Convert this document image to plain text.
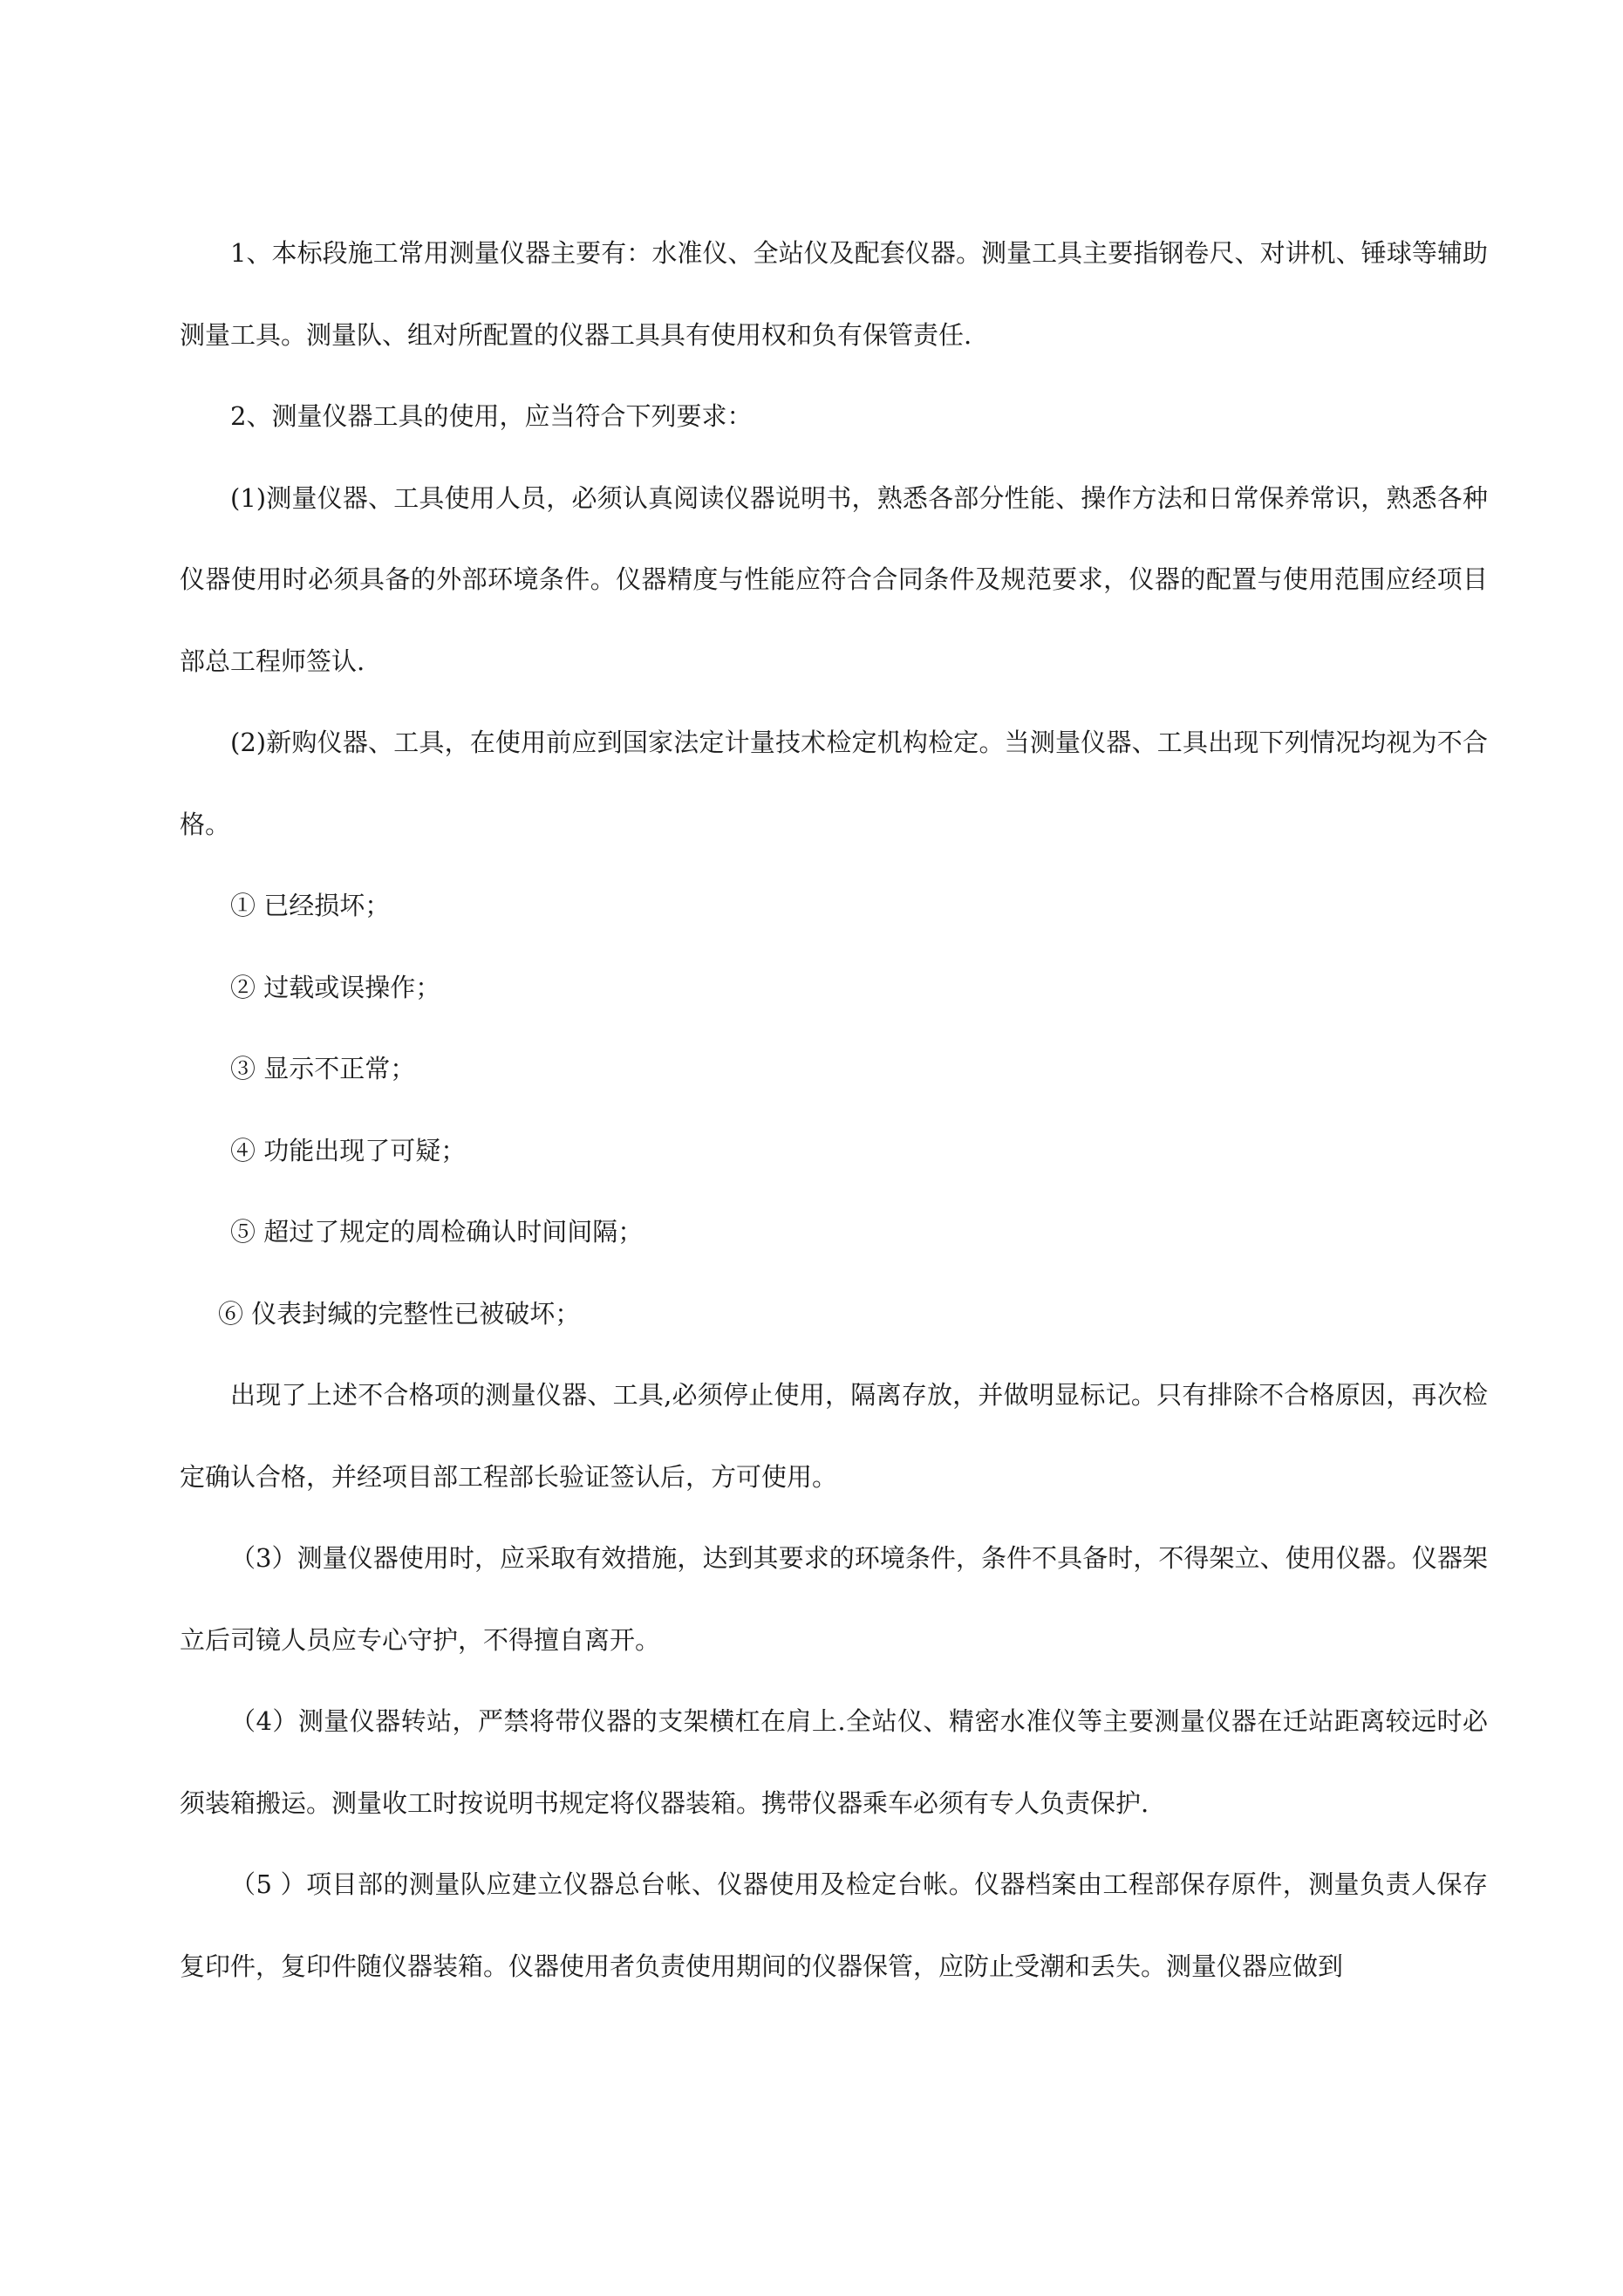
1、本标段施工常用测量仪器主要有：水准仪、全站仪及配套仪器。测量工具主要指钢卷尺、对讲机、锤球等辅助测量工具。测量队、组对所配置的仪器工具具有使用权和负有保管责任.

2、测量仪器工具的使用，应当符合下列要求：

(1)测量仪器、工具使用人员，必须认真阅读仪器说明书，熟悉各部分性能、操作方法和日常保养常识，熟悉各种仪器使用时必须具备的外部环境条件。仪器精度与性能应符合合同条件及规范要求，仪器的配置与使用范围应经项目部总工程师签认.

(2)新购仪器、工具，在使用前应到国家法定计量技术检定机构检定。当测量仪器、工具出现下列情况均视为不合格。

① 已经损坏；

② 过载或误操作；

③ 显示不正常；

④ 功能出现了可疑；

⑤ 超过了规定的周检确认时间间隔；

⑥ 仪表封缄的完整性已被破坏；

出现了上述不合格项的测量仪器、工具,必须停止使用，隔离存放，并做明显标记。只有排除不合格原因，再次检定确认合格，并经项目部工程部长验证签认后，方可使用。

（3）测量仪器使用时，应采取有效措施，达到其要求的环境条件，条件不具备时，不得架立、使用仪器。仪器架立后司镜人员应专心守护，不得擅自离开。

（4）测量仪器转站，严禁将带仪器的支架横杠在肩上.全站仪、精密水准仪等主要测量仪器在迁站距离较远时必须装箱搬运。测量收工时按说明书规定将仪器装箱。携带仪器乘车必须有专人负责保护.

（5 ）项目部的测量队应建立仪器总台帐、仪器使用及检定台帐。仪器档案由工程部保存原件，测量负责人保存复印件，复印件随仪器装箱。仪器使用者负责使用期间的仪器保管，应防止受潮和丢失。测量仪器应做到
